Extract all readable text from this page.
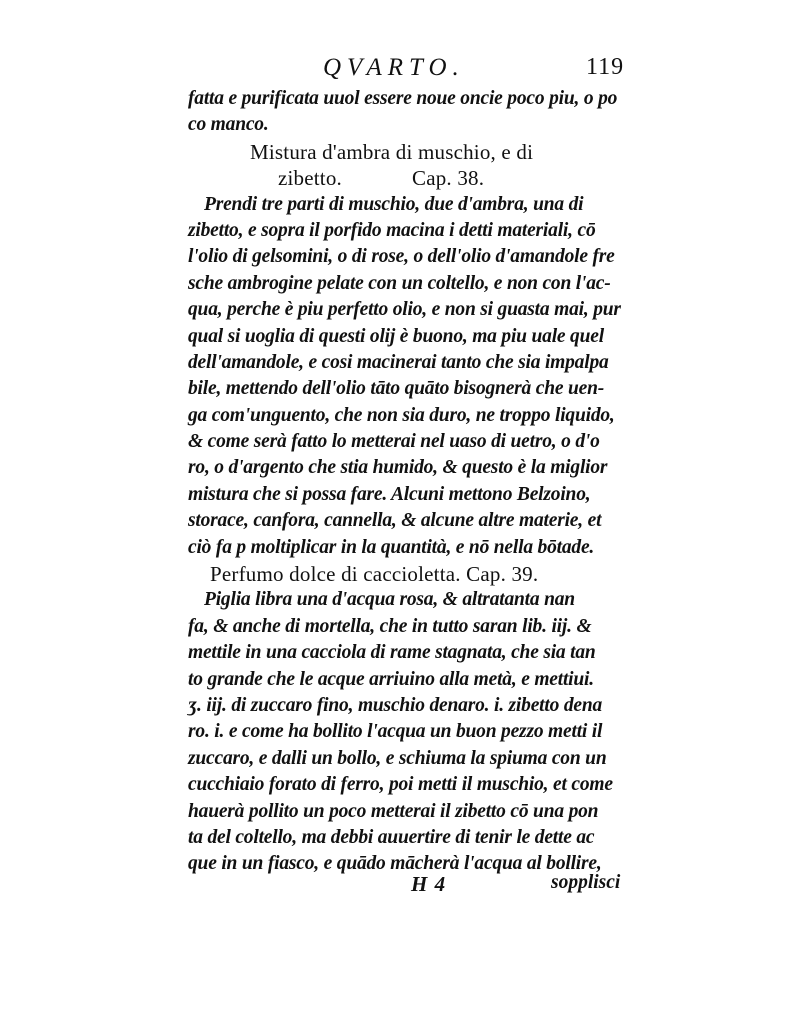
QVARTO.	119
fatta e purificata uuol essere noue oncie poco piu, o po
co manco.
Mistura d'ambra di muschio, e di
zibetto.	Cap. 38.
Prendi tre parti di muschio, due d'ambra, una di
zibetto, e sopra il porfido macina i detti materiali, cō
l'olio di gelsomini, o di rose, o dell'olio d'amandole fre
sche ambrogine pelate con un coltello, e non con l'ac-
qua, perche è piu perfetto olio, e non si guasta mai, pur
qual si uoglia di questi olij è buono, ma piu uale quel
dell'amandole, e cosi macinerai tanto che sia impalpa
bile, mettendo dell'olio tāto quāto bisognerà che uen-
ga com'unguento, che non sia duro, ne troppo liquido,
& come serà fatto lo metterai nel uaso di uetro, o d'o
ro, o d'argento che stia humido, & questo è la miglior
mistura che si possa fare. Alcuni mettono Belzoino,
storace, canfora, cannella, & alcune altre materie, et
ciò fa p moltiplicar in la quantità, e nō nella bōtade.
Perfumo dolce di caccioletta. Cap. 39.
Piglia libra una d'acqua rosa, & altratanta nan
fa, & anche di mortella, che in tutto saran lib. iij. &
mettile in una cacciola di rame stagnata, che sia tan
to grande che le acque arriuino alla metà, e mettiui.
ʒ. iij. di zuccaro fino, muschio denaro. i. zibetto dena
ro. i. e come ha bollito l'acqua un buon pezzo metti il
zuccaro, e dalli un bollo, e schiuma la spiuma con un
cucchiaio forato di ferro, poi metti il muschio, et come
hauerà pollito un poco metterai il zibetto cō una pon
ta del coltello, ma debbi auuertire di tenir le dette ac
que in un fiasco, e quādo mācherà l'acqua al bollire,
H 4	sopplisci
